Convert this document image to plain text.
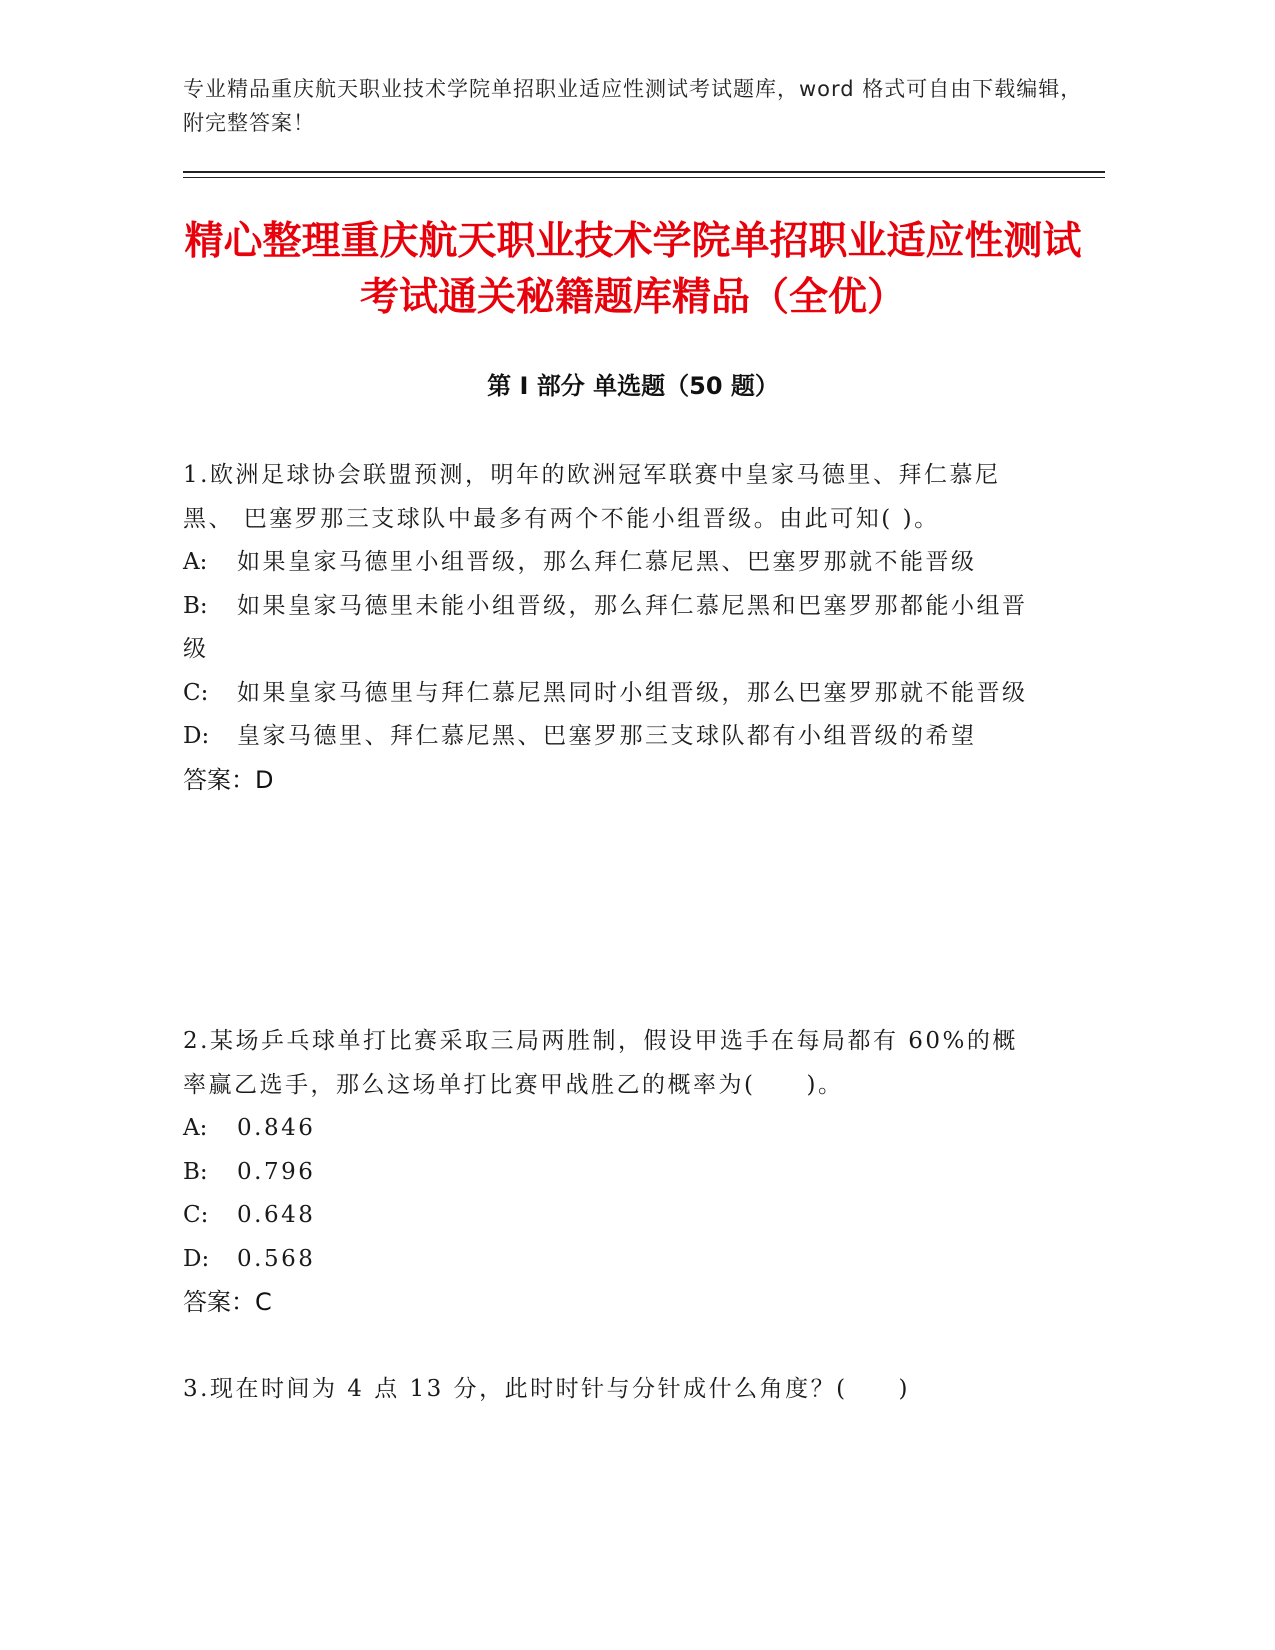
专业精品重庆航天职业技术学院单招职业适应性测试考试题库，word 格式可自由下载编辑，附完整答案！
精心整理重庆航天职业技术学院单招职业适应性测试考试通关秘籍题库精品（全优）
第 I 部分 单选题（50 题）

1.欧洲足球协会联盟预测，明年的欧洲冠军联赛中皇家马德里、拜仁慕尼黑、 巴塞罗那三支球队中最多有两个不能小组晋级。由此可知( )。

A: 如果皇家马德里小组晋级，那么拜仁慕尼黑、巴塞罗那就不能晋级

B: 如果皇家马德里未能小组晋级，那么拜仁慕尼黑和巴塞罗那都能小组晋级

C: 如果皇家马德里与拜仁慕尼黑同时小组晋级，那么巴塞罗那就不能晋级

D: 皇家马德里、拜仁慕尼黑、巴塞罗那三支球队都有小组晋级的希望

答案：D

2.某场乒乓球单打比赛采取三局两胜制，假设甲选手在每局都有 60%的概率赢乙选手，那么这场单打比赛甲战胜乙的概率为(　　)。

A: 0.846

B: 0.796

C: 0.648

D: 0.568

答案：C

3.现在时间为 4 点 13 分，此时时针与分针成什么角度？(　　)
